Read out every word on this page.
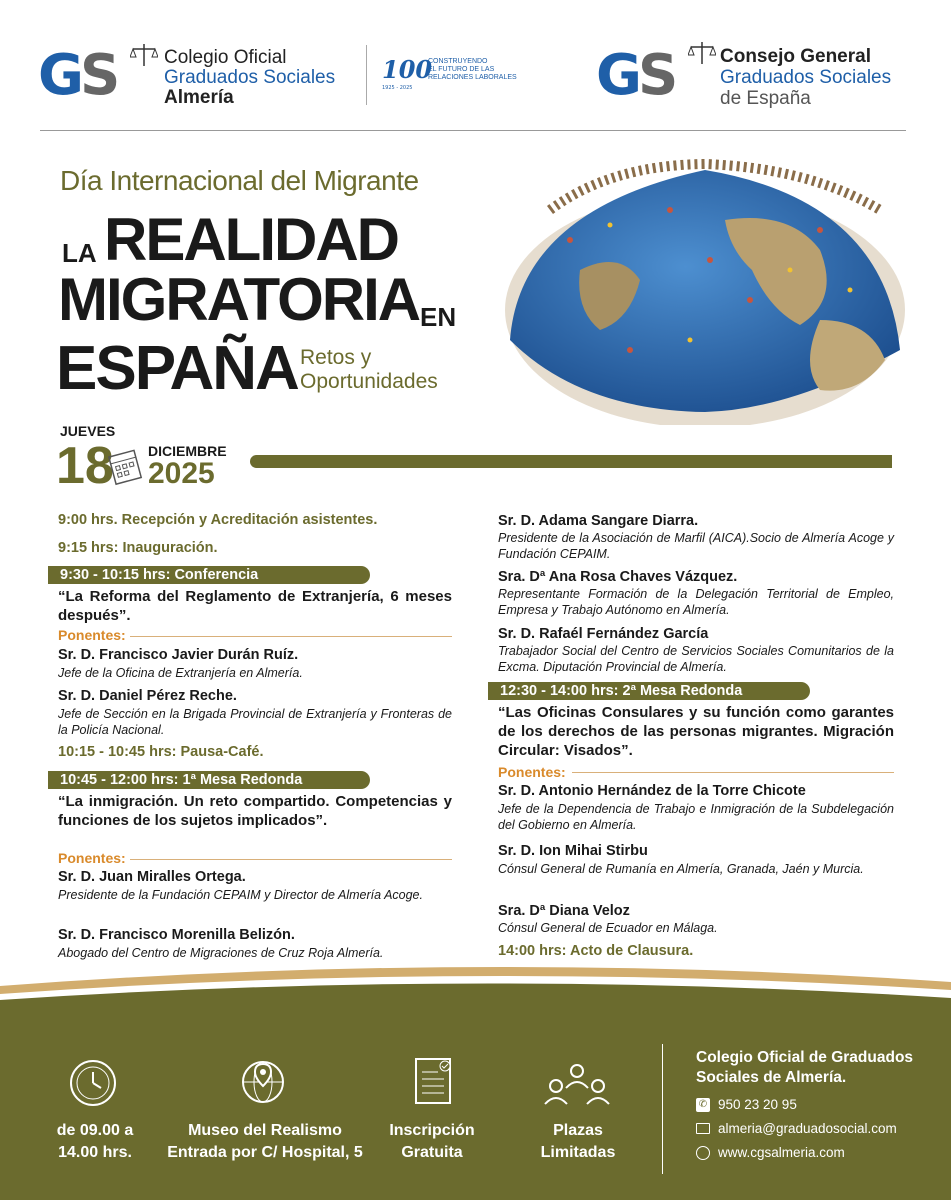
GS	Colegio Oficial
Graduados Sociales
Almería
100
1925 - 2025
CONSTRUYENDO
EL FUTURO DE LAS
RELACIONES LABORALES GS Consejo General
Graduados Sociales
de España
Día Internacional del Migrante
LA REALIDAD
MIGRATORIA EN
ESPAÑA Retos y
Oportunidades
JUEVES
18 DICIEMBRE
2025
9:00 hrs. Recepción y Acreditación asistentes.
9:15 hrs: Inauguración.
9:30 - 10:15 hrs: Conferencia
“La Reforma del Reglamento de Extranjería, 6 meses después”.
Ponentes:
Sr. D. Francisco Javier Durán Ruíz.
Jefe de la Oficina de Extranjería en Almería.
Sr. D. Daniel Pérez Reche.
Jefe de Sección en la Brigada Provincial de Extranjería y Fronteras de la Policía Nacional.
10:15 - 10:45 hrs: Pausa-Café.
10:45 - 12:00 hrs: 1ª Mesa Redonda
“La inmigración. Un reto compartido. Competencias y funciones de los sujetos implicados”.
Ponentes:
Sr. D. Juan Miralles Ortega.
Presidente de la Fundación CEPAIM y Director de Almería Acoge.
Sr. D. Francisco Morenilla Belizón.
Abogado del Centro de Migraciones de Cruz Roja Almería.
Sr. D. Adama Sangare Diarra.
Presidente de la Asociación de Marfil (AICA).Socio de Almería Acoge y Fundación CEPAIM.
Sra. Dª Ana Rosa Chaves Vázquez.
Representante Formación de la Delegación Territorial de Empleo, Empresa y Trabajo Autónomo en Almería.
Sr. D. Rafaél Fernández García
Trabajador Social del Centro de Servicios Sociales Comunitarios de la Excma. Diputación Provincial de Almería.
12:30 - 14:00 hrs: 2ª Mesa Redonda
“Las Oficinas Consulares y su función como garantes de los derechos de las personas migrantes. Migración Circular: Visados”.
Ponentes:
Sr. D. Antonio Hernández de la Torre Chicote
Jefe de la Dependencia de Trabajo e Inmigración de la Subdelegación del Gobierno en Almería.
Sr. D. Ion Mihai Stirbu
Cónsul General de Rumanía en Almería, Granada, Jaén y Murcia.
Sra. Dª Diana Veloz
Cónsul General de Ecuador en Málaga.
14:00 hrs: Acto de Clausura.
de 09.00 a
14.00 hrs.
Museo del Realismo
Entrada por C/ Hospital, 5
Inscripción
Gratuita
Plazas
Limitadas
Colegio Oficial de Graduados
Sociales de Almería.
✆ 950 23 20 95
almeria@graduadosocial.com
www.cgsalmeria.com
